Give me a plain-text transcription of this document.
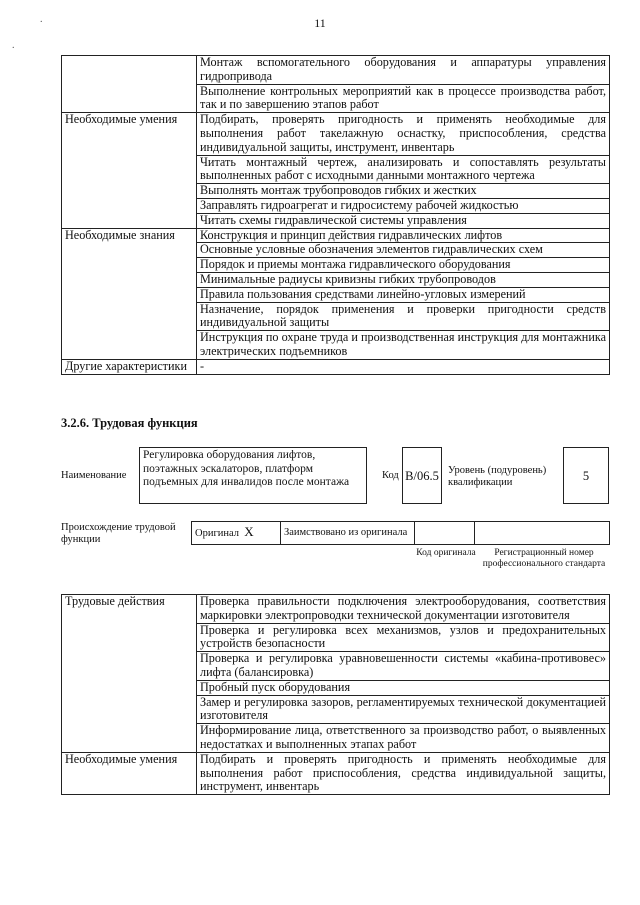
11
.
.
	Монтаж вспомогательного оборудования и аппаратуры управления гидропривода
	Выполнение контрольных мероприятий как в процессе производства работ, так и по завершению этапов работ
Необходимые умения	Подбирать, проверять пригодность и применять необходимые для выполнения работ такелажную оснастку, приспособления, средства индивидуальной защиты, инструмент, инвентарь
	Читать монтажный чертеж, анализировать и сопоставлять результаты выполненных работ с исходными данными монтажного чертежа
	Выполнять монтаж трубопроводов гибких и жестких
	Заправлять гидроагрегат и гидросистему рабочей жидкостью
	Читать схемы гидравлической системы управления
Необходимые знания	Конструкция и принцип действия гидравлических лифтов
	Основные условные обозначения элементов гидравлических схем
	Порядок и приемы монтажа гидравлического оборудования
	Минимальные радиусы кривизны гибких трубопроводов
	Правила пользования средствами линейно-угловых измерений
	Назначение, порядок применения и проверки пригодности средств индивидуальной защиты
	Инструкция по охране труда и производственная инструкция для монтажника электрических подъемников
Другие характеристики	-
3.2.6. Трудовая функция
Наименование
Регулировка оборудования лифтов, поэтажных эскалаторов, платформ подъемных для инвалидов после монтажа
Код B/06.5 Уровень (подуровень) квалификации	5
Происхождение трудовой функции
Оригинал X	Заимствовано из оригинала		
Код оригинала	Регистрационный номер профессионального стандарта
Трудовые действия	Проверка правильности подключения электрооборудования, соответствия маркировки электропроводки технической документации изготовителя
	Проверка и регулировка всех механизмов, узлов и предохранительных устройств безопасности
	Проверка и регулировка уравновешенности системы «кабина-противовес» лифта (балансировка)
	Пробный пуск оборудования
	Замер и регулировка зазоров, регламентируемых технической документацией изготовителя
	Информирование лица, ответственного за производство работ, о выявленных недостатках и выполненных этапах работ
Необходимые умения	Подбирать и проверять пригодность и применять необходимые для выполнения работ приспособления, средства индивидуальной защиты, инструмент, инвентарь
